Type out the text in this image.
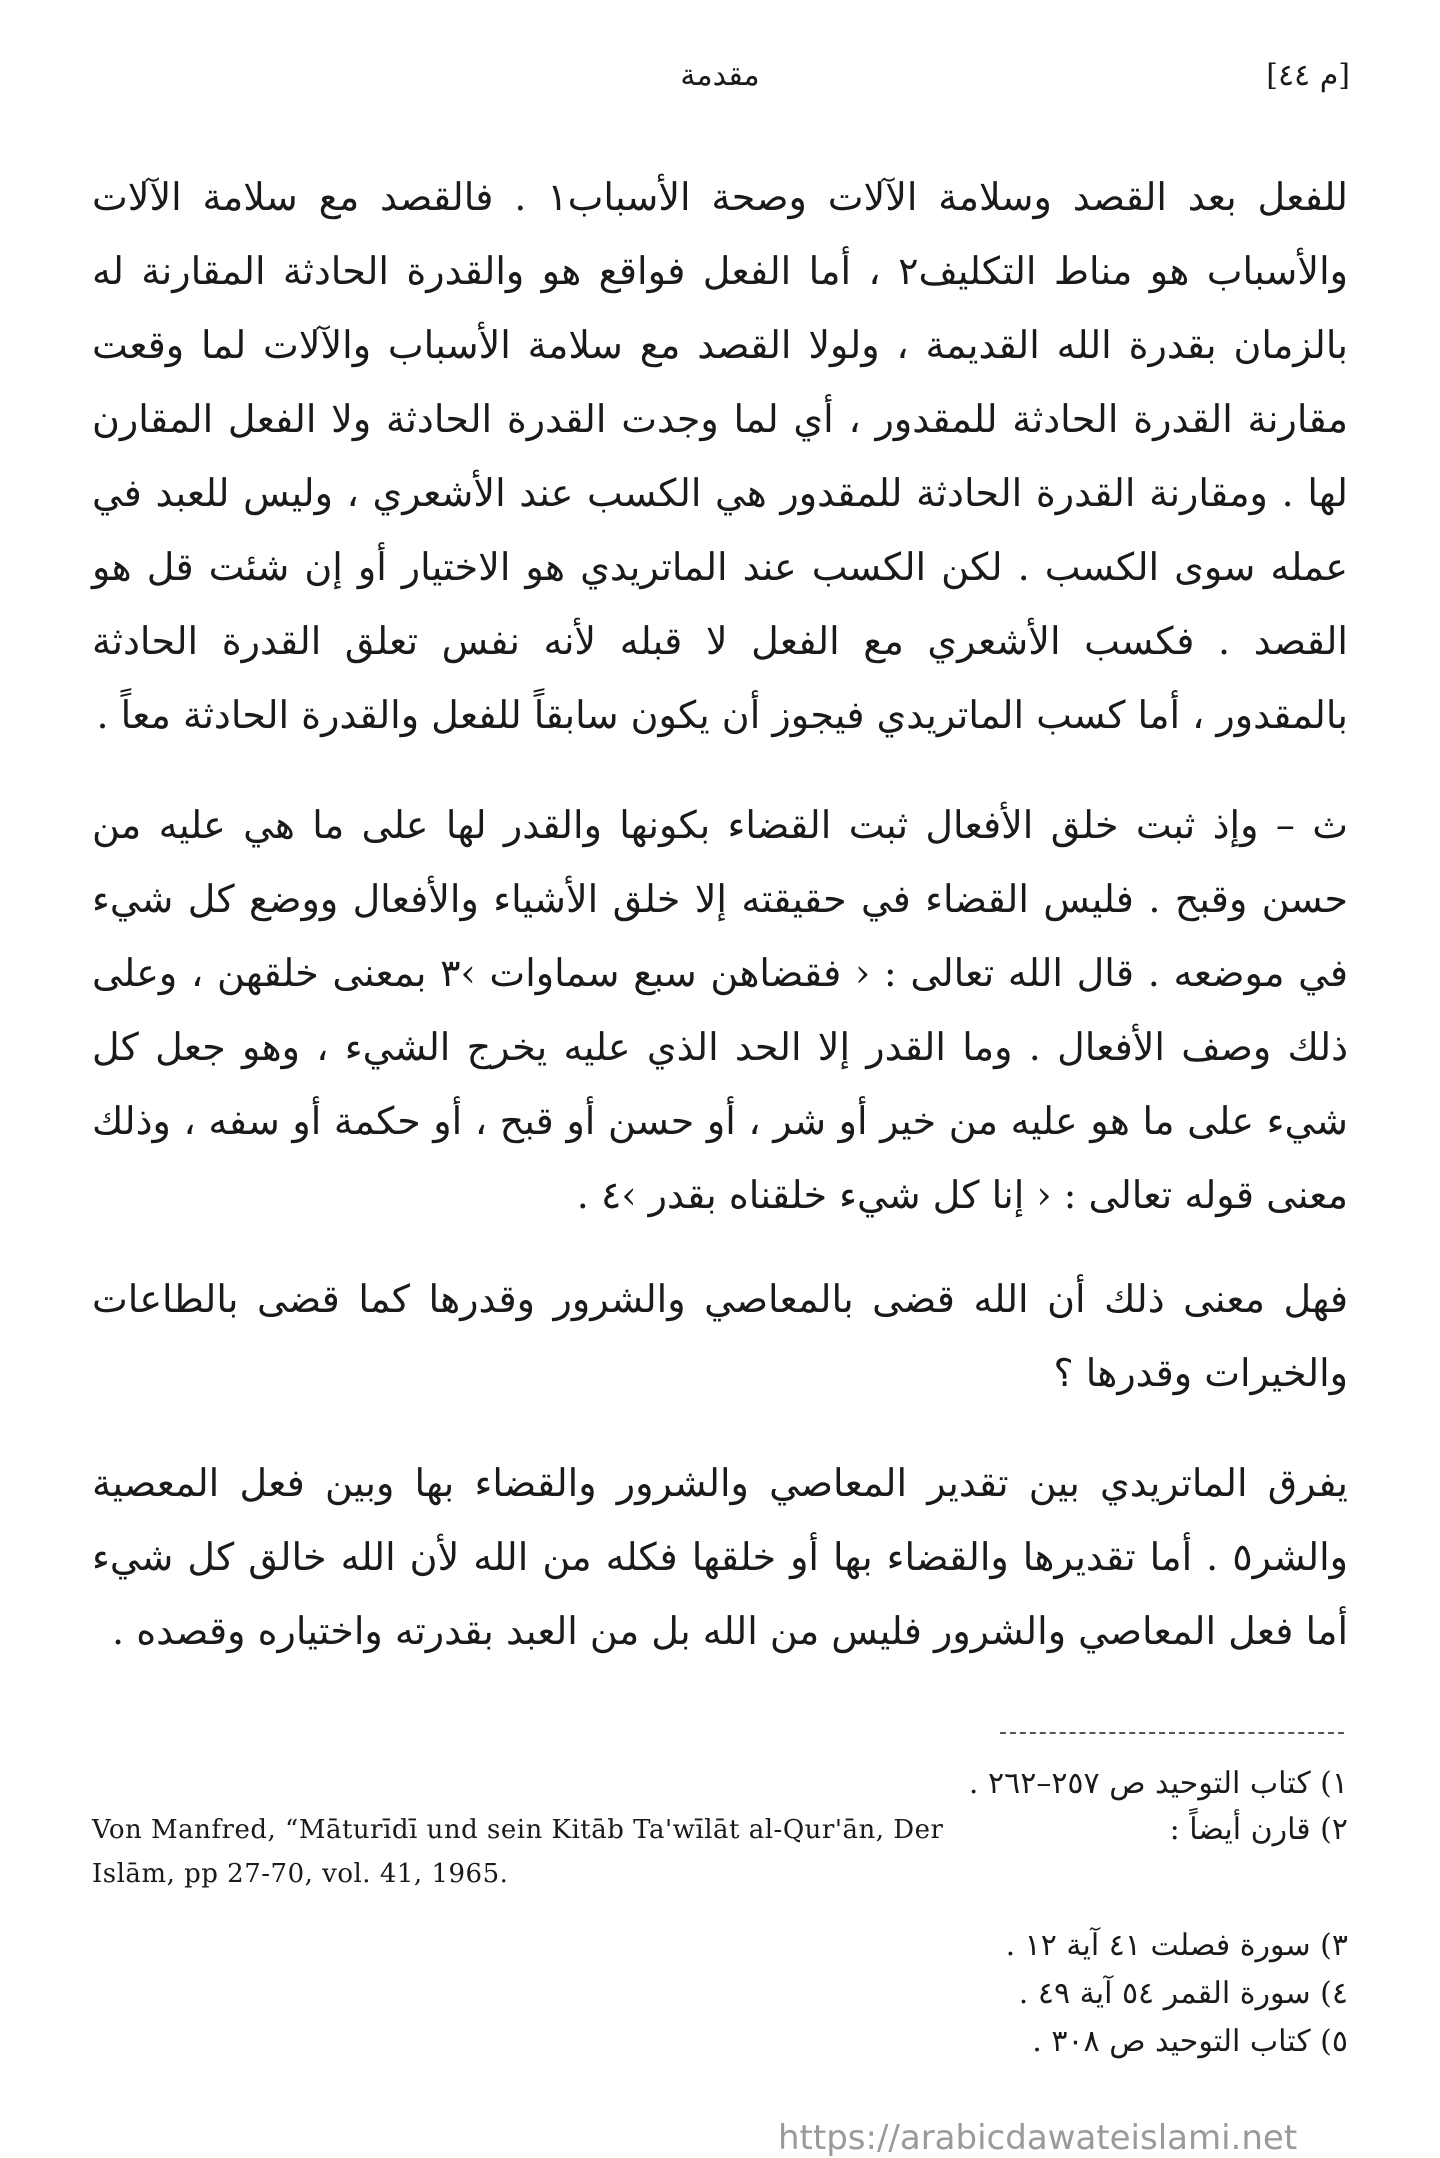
مقدمة	[م ٤٤]

للفعل بعد القصد وسلامة الآلات وصحة الأسباب١ . فالقصد مع سلامة الآلات والأسباب هو مناط التكليف٢ ، أما الفعل فواقع هو والقدرة الحادثة المقارنة له بالزمان بقدرة الله القديمة ، ولولا القصد مع سلامة الأسباب والآلات لما وقعت مقارنة القدرة الحادثة للمقدور ، أي لما وجدت القدرة الحادثة ولا الفعل المقارن لها . ومقارنة القدرة الحادثة للمقدور هي الكسب عند الأشعري ، وليس للعبد في عمله سوى الكسب . لكن الكسب عند الماتريدي هو الاختيار أو إن شئت قل هو القصد . فكسب الأشعري مع الفعل لا قبله لأنه نفس تعلق القدرة الحادثة بالمقدور ، أما كسب الماتريدي فيجوز أن يكون سابقاً للفعل والقدرة الحادثة معاً .

ث – وإذ ثبت خلق الأفعال ثبت القضاء بكونها والقدر لها على ما هي عليه من حسن وقبح . فليس القضاء في حقيقته إلا خلق الأشياء والأفعال ووضع كل شيء في موضعه . قال الله تعالى : ‹ فقضاهن سبع سماوات ›٣ بمعنى خلقهن ، وعلى ذلك وصف الأفعال . وما القدر إلا الحد الذي عليه يخرج الشيء ، وهو جعل كل شيء على ما هو عليه من خير أو شر ، أو حسن أو قبح ، أو حكمة أو سفه ، وذلك معنى قوله تعالى : ‹ إنا كل شيء خلقناه بقدر ›٤ .

فهل معنى ذلك أن الله قضى بالمعاصي والشرور وقدرها كما قضى بالطاعات والخيرات وقدرها ؟

يفرق الماتريدي بين تقدير المعاصي والشرور والقضاء بها وبين فعل المعصية والشر٥ . أما تقديرها والقضاء بها أو خلقها فكله من الله لأن الله خالق كل شيء أما فعل المعاصي والشرور فليس من الله بل من العبد بقدرته واختياره وقصده .

١) كتاب التوحيد ص ٢٥٧–٢٦٢ .

٢) قارن أيضاً :

Von Manfred, “Māturīdī und sein Kitāb Ta'wīlāt al-Qur'ān, Der

Islām, pp 27-70, vol. 41, 1965.

٣) سورة فصلت ٤١ آية ١٢ .

٤) سورة القمر ٥٤ آية ٤٩ .

٥) كتاب التوحيد ص ٣٠٨ .

https://arabicdawateislami.net
